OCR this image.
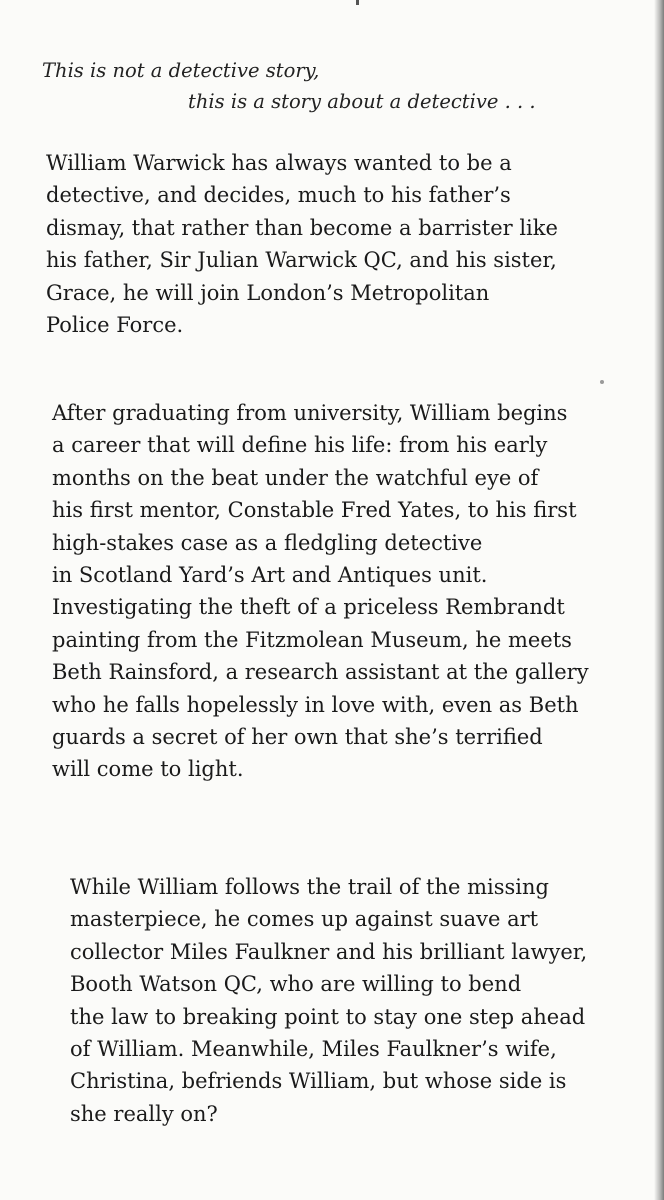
This is not a detective story,
this is a story about a detective . . .
William Warwick has always wanted to be a
detective, and decides, much to his father’s
dismay, that rather than become a barrister like
his father, Sir Julian Warwick QC, and his sister,
Grace, he will join London’s Metropolitan
Police Force.
After graduating from university, William begins
a career that will define his life: from his early
months on the beat under the watchful eye of
his first mentor, Constable Fred Yates, to his first
high-stakes case as a fledgling detective
in Scotland Yard’s Art and Antiques unit.
Investigating the theft of a priceless Rembrandt
painting from the Fitzmolean Museum, he meets
Beth Rainsford, a research assistant at the gallery
who he falls hopelessly in love with, even as Beth
guards a secret of her own that she’s terrified
will come to light.
While William follows the trail of the missing
masterpiece, he comes up against suave art
collector Miles Faulkner and his brilliant lawyer,
Booth Watson QC, who are willing to bend
the law to breaking point to stay one step ahead
of William. Meanwhile, Miles Faulkner’s wife,
Christina, befriends William, but whose side is
she really on?
